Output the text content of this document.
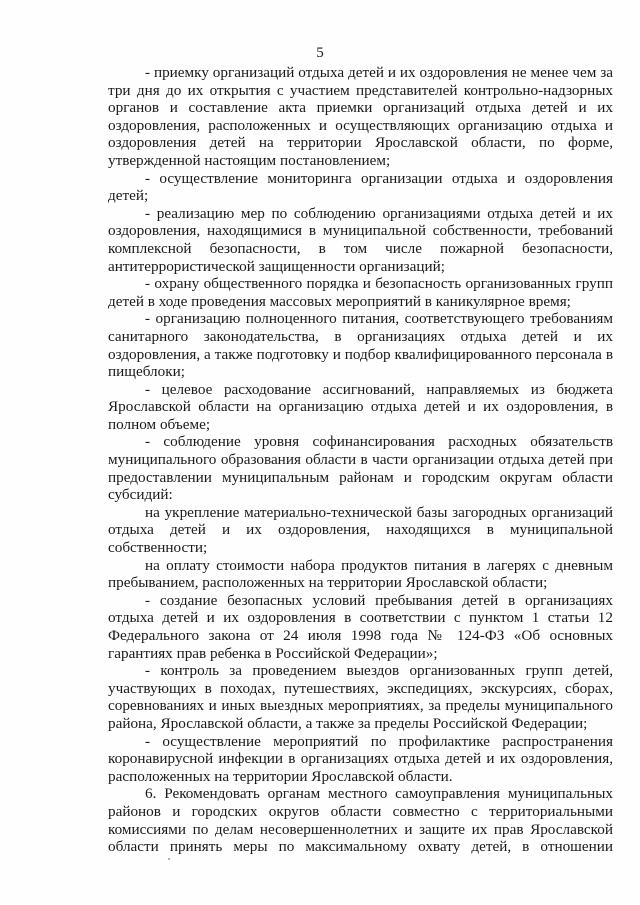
5

- приемку организаций отдыха детей и их оздоровления не менее чем за три дня до их открытия с участием представителей контрольно-надзорных органов и составление акта приемки организаций отдыха детей и их оздоровления, расположенных и осуществляющих организацию отдыха и оздоровления детей на территории Ярославской области, по форме, утвержденной настоящим постановлением;

- осуществление мониторинга организации отдыха и оздоровления детей;

- реализацию мер по соблюдению организациями отдыха детей и их оздоровления, находящимися в муниципальной собственности, требований комплексной безопасности, в том числе пожарной безопасности, антитеррористической защищенности организаций;

- охрану общественного порядка и безопасность организованных групп детей в ходе проведения массовых мероприятий в каникулярное время;

- организацию полноценного питания, соответствующего требованиям санитарного законодательства, в организациях отдыха детей и их оздоровления, а также подготовку и подбор квалифицированного персонала в пищеблоки;

- целевое расходование ассигнований, направляемых из бюджета Ярославской области на организацию отдыха детей и их оздоровления, в полном объеме;

- соблюдение уровня софинансирования расходных обязательств муниципального образования области в части организации отдыха детей при предоставлении муниципальным районам и городским округам области субсидий:

на укрепление материально-технической базы загородных организаций отдыха детей и их оздоровления, находящихся в муниципальной собственности;

на оплату стоимости набора продуктов питания в лагерях с дневным пребыванием, расположенных на территории Ярославской области;

- создание безопасных условий пребывания детей в организациях отдыха детей и их оздоровления в соответствии с пунктом 1 статьи 12 Федерального закона от 24 июля 1998 года № 124-ФЗ «Об основных гарантиях прав ребенка в Российской Федерации»;

- контроль за проведением выездов организованных групп детей, участвующих в походах, путешествиях, экспедициях, экскурсиях, сборах, соревнованиях и иных выездных мероприятиях, за пределы муниципального района, Ярославской области, а также за пределы Российской Федерации;

- осуществление мероприятий по профилактике распространения коронавирусной инфекции в организациях отдыха детей и их оздоровления, расположенных на территории Ярославской области.

6. Рекомендовать органам местного самоуправления муниципальных районов и городских округов области совместно с территориальными комиссиями по делам несовершеннолетних и защите их прав Ярославской области принять меры по максимальному охвату детей, в отношении
